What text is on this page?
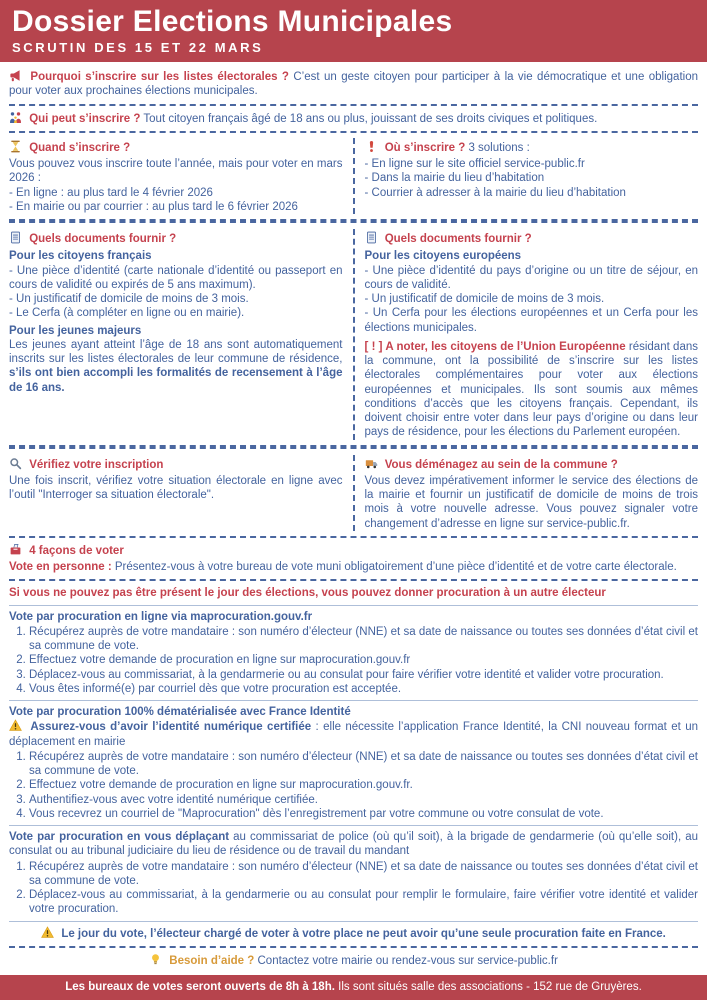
Dossier Elections Municipales
SCRUTIN DES 15 ET 22 MARS

Pourquoi s’inscrire sur les listes électorales ? C’est un geste citoyen pour participer à la vie démocratique et une obligation pour voter aux prochaines élections municipales.

Qui peut s’inscrire ? Tout citoyen français âgé de 18 ans ou plus, jouissant de ses droits civiques et politiques.

Quand s’inscrire ?

Vous pouvez vous inscrire toute l’année, mais pour voter en mars 2026 :

- En ligne : au plus tard le 4 février 2026

- En mairie ou par courrier : au plus tard le 6 février 2026

Où s’inscrire ? 3 solutions :

- En ligne sur le site officiel service-public.fr

- Dans la mairie du lieu d’habitation

- Courrier à adresser à la mairie du lieu d’habitation

Quels documents fournir ?

Pour les citoyens français

- Une pièce d’identité (carte nationale d’identité ou passeport en cours de validité ou expirés de 5 ans maximum).

- Un justificatif de domicile de moins de 3 mois.

- Le Cerfa (à compléter en ligne ou en mairie).

Pour les jeunes majeurs

Les jeunes ayant atteint l’âge de 18 ans sont automatiquement inscrits sur les listes électorales de leur commune de résidence, s’ils ont bien accompli les formalités de recensement à l’âge de 16 ans.

Quels documents fournir ?

Pour les citoyens européens

- Une pièce d’identité du pays d’origine ou un titre de séjour, en cours de validité.

- Un justificatif de domicile de moins de 3 mois.

- Un Cerfa pour les élections européennes et un Cerfa pour les élections municipales.

[ ! ] A noter, les citoyens de l’Union Européenne résidant dans la commune, ont la possibilité de s’inscrire sur les listes électorales complémentaires pour voter aux élections européennes et municipales. Ils sont soumis aux mêmes conditions d’accès que les citoyens français. Cependant, ils doivent choisir entre voter dans leur pays d’origine ou dans leur pays de résidence, pour les élections du Parlement européen.

Vérifiez votre inscription

Une fois inscrit, vérifiez votre situation électorale en ligne avec l’outil "Interroger sa situation électorale".

Vous déménagez au sein de la commune ?

Vous devez impérativement informer le service des élections de la mairie et fournir un justificatif de domicile de moins de trois mois à votre nouvelle adresse. Vous pouvez signaler votre changement d’adresse en ligne sur service-public.fr.

4 façons de voter

Vote en personne : Présentez-vous à votre bureau de vote muni obligatoirement d’une pièce d’identité et de votre carte électorale.

Si vous ne pouvez pas être présent le jour des élections, vous pouvez donner procuration à un autre électeur

Vote par procuration en ligne via maprocuration.gouv.fr

1. Récupérez auprès de votre mandataire : son numéro d’électeur (NNE) et sa date de naissance ou toutes ses données d’état civil et sa commune de vote.
2. Effectuez votre demande de procuration en ligne sur maprocuration.gouv.fr
3. Déplacez-vous au commissariat, à la gendarmerie ou au consulat pour faire vérifier votre identité et valider votre procuration.
4. Vous êtes informé(e) par courriel dès que votre procuration est acceptée.

Vote par procuration 100% dématérialisée avec France Identité

Assurez-vous d’avoir l’identité numérique certifiée : elle nécessite l’application France Identité, la CNI nouveau format et un déplacement en mairie

1. Récupérez auprès de votre mandataire : son numéro d’électeur (NNE) et sa date de naissance ou toutes ses données d’état civil et sa commune de vote.
2. Effectuez votre demande de procuration en ligne sur maprocuration.gouv.fr.
3. Authentifiez-vous avec votre identité numérique certifiée.
4. Vous recevrez un courriel de "Maprocuration" dès l’enregistrement par votre commune ou votre consulat de vote.

Vote par procuration en vous déplaçant au commissariat de police (où qu’il soit), à la brigade de gendarmerie (où qu’elle soit), au consulat ou au tribunal judiciaire du lieu de résidence ou de travail du mandant

1. Récupérez auprès de votre mandataire : son numéro d’électeur (NNE) et sa date de naissance ou toutes ses données d’état civil et sa commune de vote.
2. Déplacez-vous au commissariat, à la gendarmerie ou au consulat pour remplir le formulaire, faire vérifier votre identité et valider votre procuration.

Le jour du vote, l’électeur chargé de voter à votre place ne peut avoir qu’une seule procuration faite en France.

Besoin d’aide ? Contactez votre mairie ou rendez-vous sur service-public.fr

Les bureaux de votes seront ouverts de 8h à 18h. Ils sont situés salle des associations - 152 rue de Gruyères.
